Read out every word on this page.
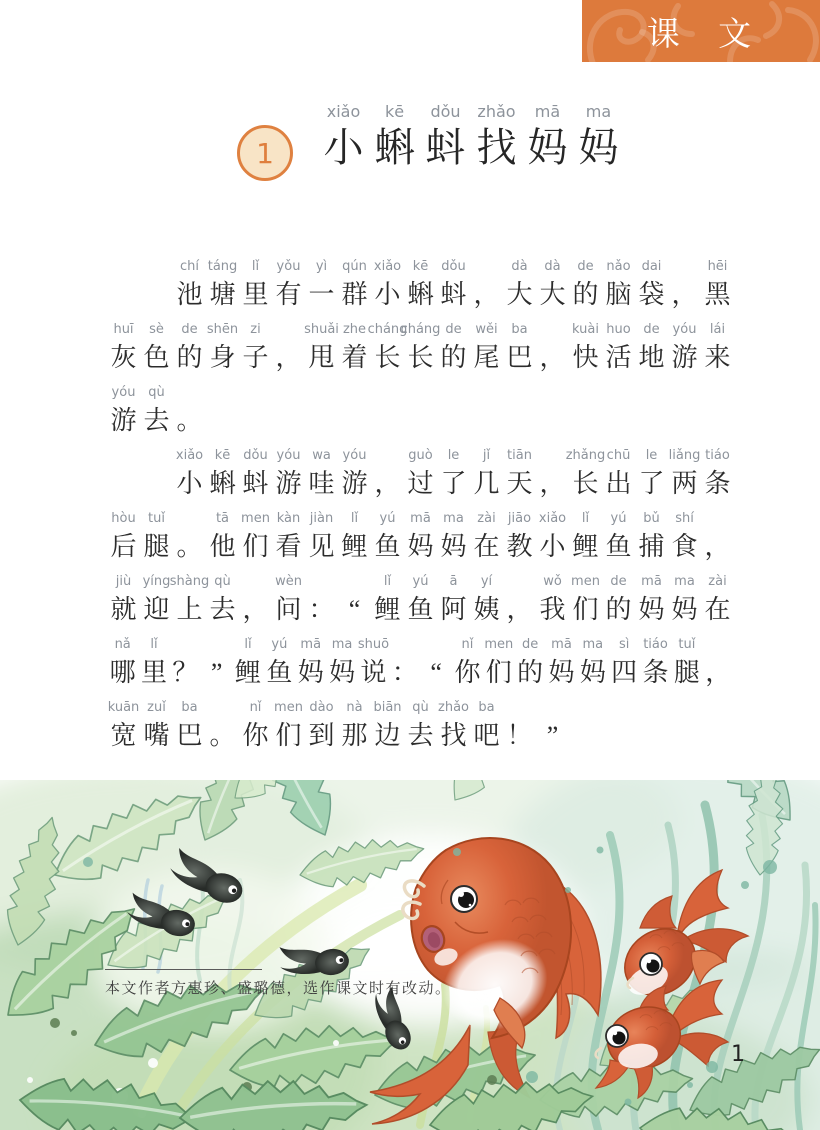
课 文
1
xiǎo
小
kē
蝌
dǒu
蚪
zhǎo
找
mā
妈
ma
妈
chí
池
táng
塘
lǐ
里
yǒu
有
yì
一
qún
群
xiǎo
小
kē
蝌
dǒu
蚪 ，
dà
大
dà
大
de
的
nǎo
脑
dai
袋 ，
hēi
黑
huī
灰
sè
色
de
的
shēn
身
zi
子 ，
shuǎi
甩
zhe
着
cháng
长
cháng
长
de
的
wěi
尾
ba
巴 ，
kuài
快
huo
活
de
地
yóu
游
lái
来
yóu
游
qù
去 。
xiǎo
小
kē
蝌
dǒu
蚪
yóu
游
wa
哇
yóu
游 ，
guò
过
le
了
jǐ
几
tiān
天 ，
zhǎng
长
chū
出
le
了
liǎng
两
tiáo
条
hòu
后
tuǐ
腿 。
tā
他
men
们
kàn
看
jiàn
见
lǐ
鲤
yú
鱼
mā
妈
ma
妈
zài
在
jiāo
教
xiǎo
小
lǐ
鲤
yú
鱼
bǔ
捕
shí
食 ，
jiù
就
yíng
迎
shàng
上
qù
去 ，
wèn
问 ： “
lǐ
鲤
yú
鱼
ā
阿
yí
姨 ，
wǒ
我
men
们
de
的
mā
妈
ma
妈
zài
在
nǎ
哪
lǐ
里 ？ ”
lǐ
鲤
yú
鱼
mā
妈
ma
妈
shuō
说 ： “
nǐ
你
men
们
de
的
mā
妈
ma
妈
sì
四
tiáo
条
tuǐ
腿 ，
kuān
宽
zuǐ
嘴
ba
巴 。
nǐ
你
men
们
dào
到
nà
那
biān
边
qù
去
zhǎo
找
ba
吧 ！ ”
本文作者方惠珍、盛璐德，选作课文时有改动。
1
